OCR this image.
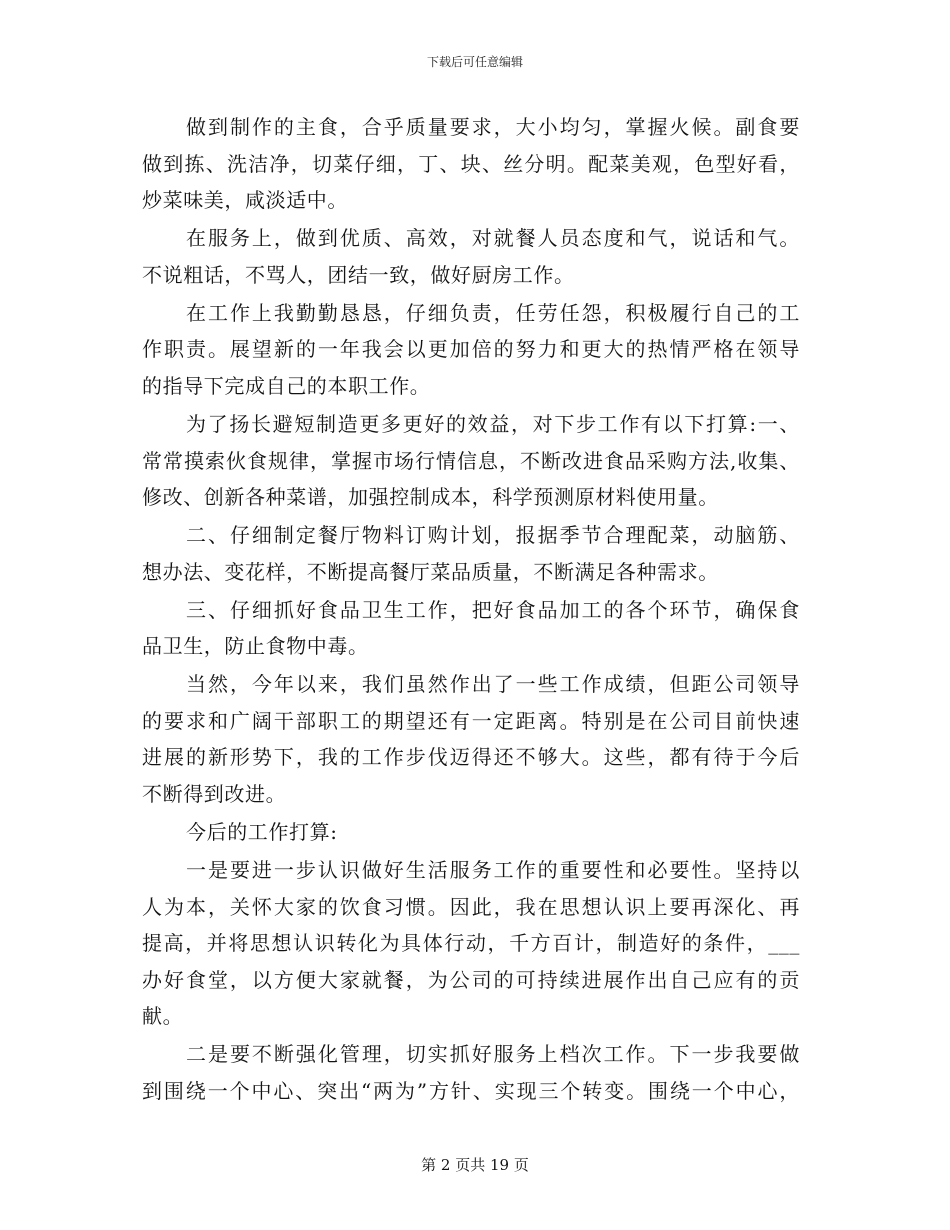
下载后可任意编辑
做到制作的主食，合乎质量要求，大小均匀，掌握火候。副食要
做到拣、洗洁净，切菜仔细，丁、块、丝分明。配菜美观，色型好看，
炒菜味美，咸淡适中。
在服务上，做到优质、高效，对就餐人员态度和气，说话和气。
不说粗话，不骂人，团结一致，做好厨房工作。
在工作上我勤勤恳恳，仔细负责，任劳任怨，积极履行自己的工
作职责。展望新的一年我会以更加倍的努力和更大的热情严格在领导
的指导下完成自己的本职工作。
为了扬长避短制造更多更好的效益，对下步工作有以下打算:一、
常常摸索伙食规律，掌握市场行情信息，不断改进食品采购方法,收集、
修改、创新各种菜谱，加强控制成本，科学预测原材料使用量。
二、仔细制定餐厅物料订购计划，报据季节合理配菜，动脑筋、
想办法、变花样，不断提高餐厅菜品质量，不断满足各种需求。
三、仔细抓好食品卫生工作，把好食品加工的各个环节，确保食
品卫生，防止食物中毒。
当然，今年以来，我们虽然作出了一些工作成绩，但距公司领导
的要求和广阔干部职工的期望还有一定距离。特别是在公司目前快速
进展的新形势下，我的工作步伐迈得还不够大。这些，都有待于今后
不断得到改进。
今后的工作打算:
一是要进一步认识做好生活服务工作的重要性和必要性。坚持以
人为本，关怀大家的饮食习惯。因此，我在思想认识上要再深化、再
提高，并将思想认识转化为具体行动，千方百计，制造好的条件，___
办好食堂，以方便大家就餐，为公司的可持续进展作出自己应有的贡
献。
二是要不断强化管理，切实抓好服务上档次工作。下一步我要做
到围绕一个中心、突出“两为”方针、实现三个转变。围绕一个中心，
第 2 页共 19 页
